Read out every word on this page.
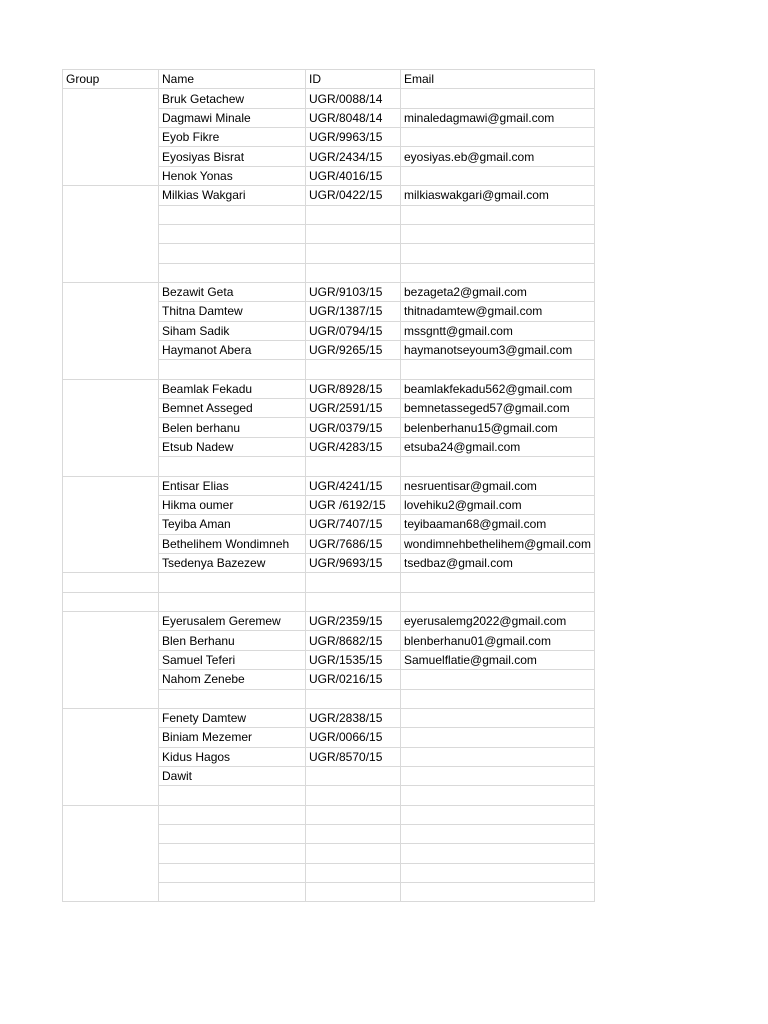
Group	Name	ID	Email
	Bruk Getachew	UGR/0088/14	
	Dagmawi Minale	UGR/8048/14	minaledagmawi@gmail.com
	Eyob Fikre	UGR/9963/15	
	Eyosiyas Bisrat	UGR/2434/15	eyosiyas.eb@gmail.com
	Henok Yonas	UGR/4016/15	
	Milkias Wakgari	UGR/0422/15	milkiaswakgari@gmail.com

	Bezawit Geta	UGR/9103/15	bezageta2@gmail.com
	Thitna Damtew	UGR/1387/15	thitnadamtew@gmail.com
	Siham Sadik	UGR/0794/15	mssgntt@gmail.com
	Haymanot Abera	UGR/9265/15	haymanotseyoum3@gmail.com

	Beamlak Fekadu	UGR/8928/15	beamlakfekadu562@gmail.com
	Bemnet Asseged	UGR/2591/15	bemnetasseged57@gmail.com
	Belen berhanu	UGR/0379/15	belenberhanu15@gmail.com
	Etsub Nadew	UGR/4283/15	etsuba24@gmail.com

	Entisar Elias	UGR/4241/15	nesruentisar@gmail.com
	Hikma oumer	UGR /6192/15	lovehiku2@gmail.com
	Teyiba Aman	UGR/7407/15	teyibaaman68@gmail.com
	Bethelihem Wondimneh	UGR/7686/15	wondimnehbethelihem@gmail.com
	Tsedenya Bazezew	UGR/9693/15	tsedbaz@gmail.com

	Eyerusalem Geremew	UGR/2359/15	eyerusalemg2022@gmail.com
	Blen Berhanu	UGR/8682/15	blenberhanu01@gmail.com
	Samuel Teferi	UGR/1535/15	Samuelflatie@gmail.com
	Nahom Zenebe	UGR/0216/15	

	Fenety Damtew	UGR/2838/15	
	Biniam Mezemer	UGR/0066/15	
	Kidus Hagos	UGR/8570/15	
	Dawit		
